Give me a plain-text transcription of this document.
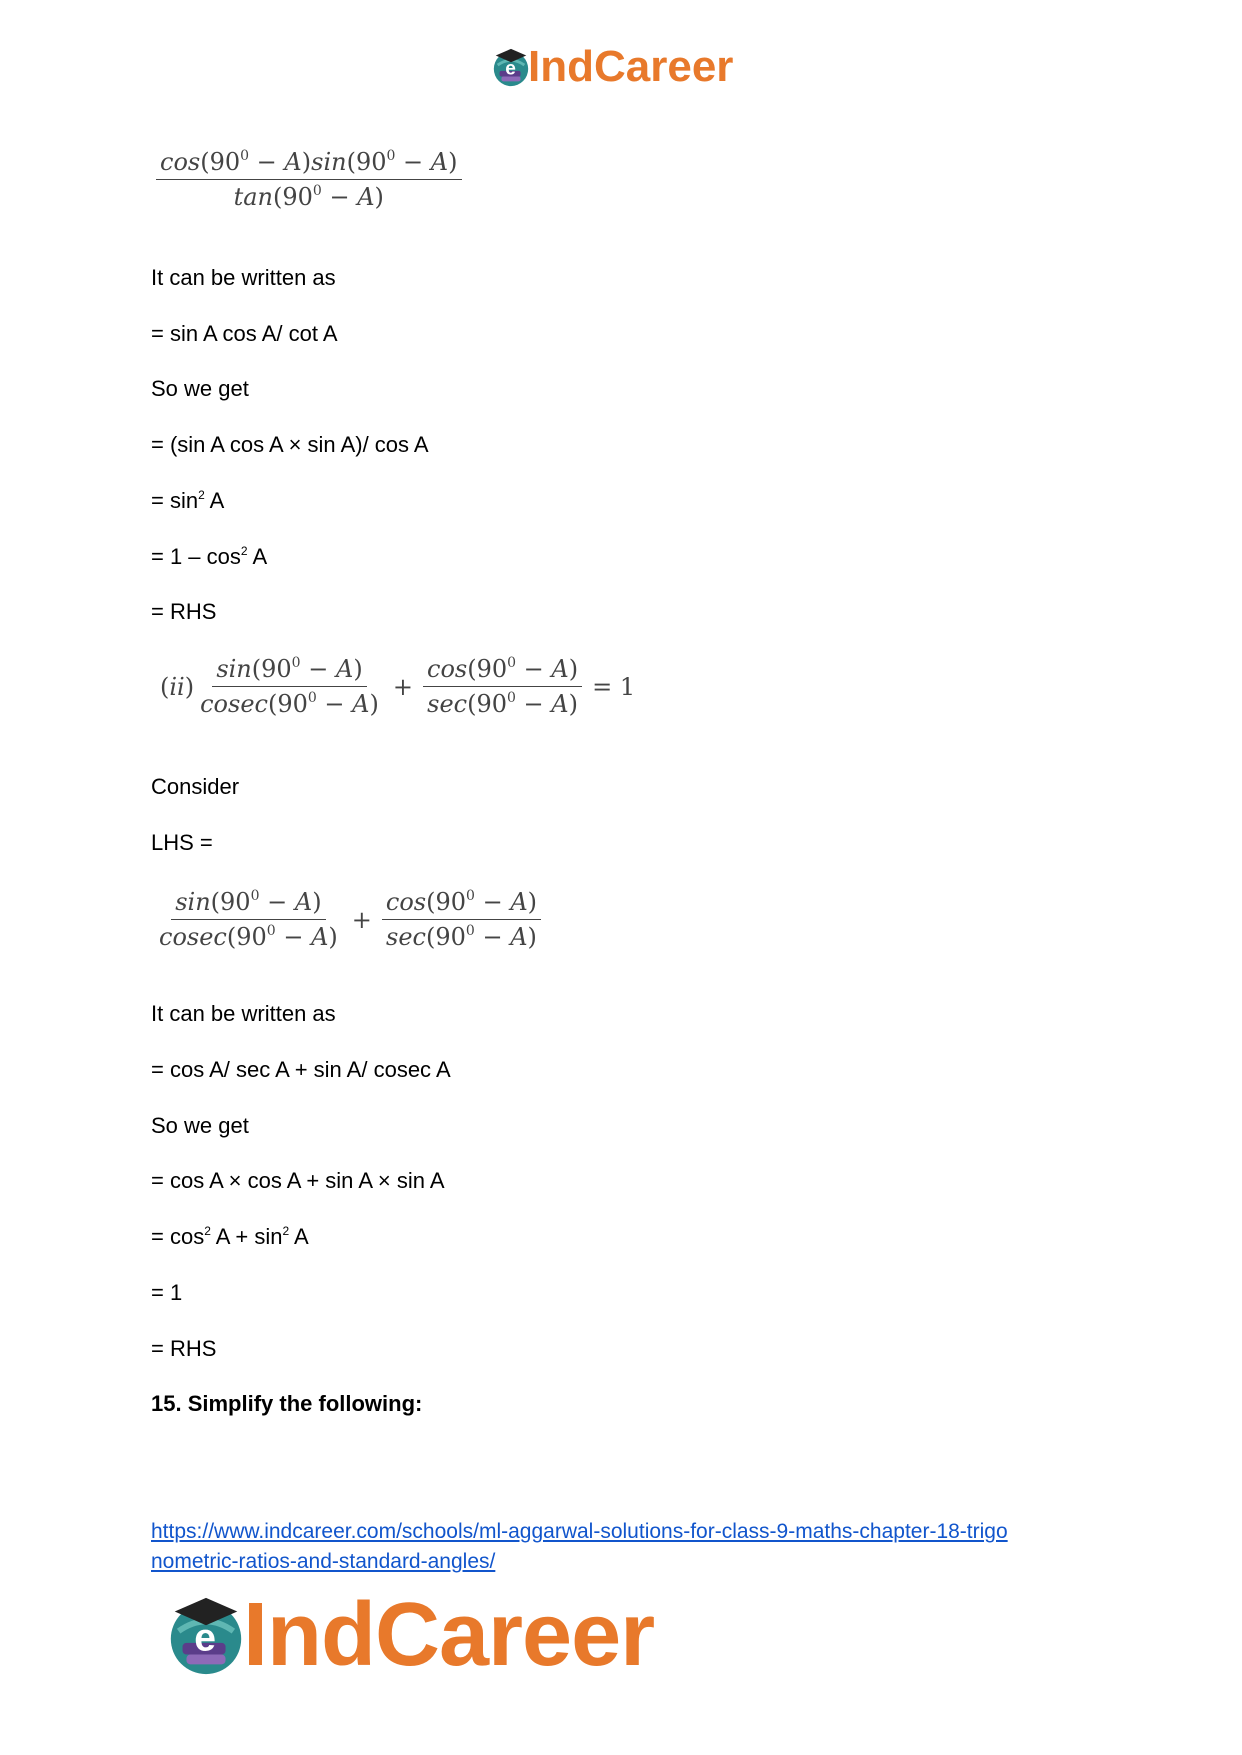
e IndCareer
$\frac{\cos(90^0 - A)\sin(90^0 - A)}{\tan(90^0 - A)}$
It can be written as
= sin A cos A/ cot A
So we get
= (sin A cos A × sin A)/ cos A
= $\sin^2 A$
= $1 - \cos^2 A$
= RHS
$(ii) \frac{\sin(90^0 - A)}{cosec(90^0 - A)} + \frac{\cos(90^0 - A)}{\sec(90^0 - A)} = 1$
Consider
LHS =
$\frac{\sin(90^0 - A)}{cosec(90^0 - A)} + \frac{\cos(90^0 - A)}{\sec(90^0 - A)}$
It can be written as
= cos A/ sec A + sin A/ cosec A
So we get
= cos A × cos A + sin A × sin A
= $\cos^2 A + \sin^2 A$
= 1
= RHS
15. Simplify the following:
https://www.indcareer.com/schools/ml-aggarwal-solutions-for-class-9-maths-chapter-18-trigo
nometric-ratios-and-standard-angles/
e IndCareer
